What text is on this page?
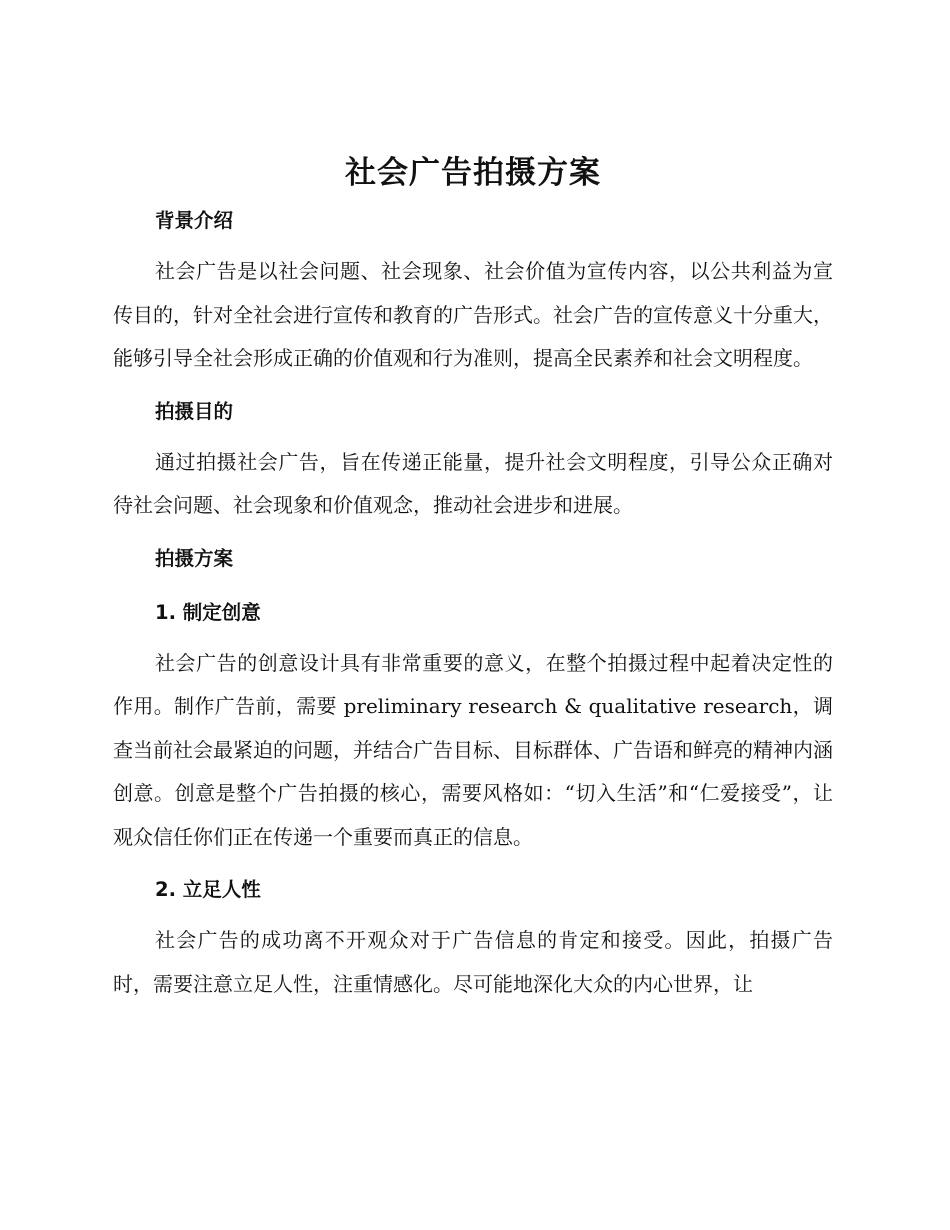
社会广告拍摄方案
背景介绍

社会广告是以社会问题、社会现象、社会价值为宣传内容，以公共利益为宣传目的，针对全社会进行宣传和教育的广告形式。社会广告的宣传意义十分重大，能够引导全社会形成正确的价值观和行为准则，提高全民素养和社会文明程度。

拍摄目的

通过拍摄社会广告，旨在传递正能量，提升社会文明程度，引导公众正确对待社会问题、社会现象和价值观念，推动社会进步和进展。

拍摄方案
1. 制定创意

社会广告的创意设计具有非常重要的意义，在整个拍摄过程中起着决定性的作用。制作广告前，需要 preliminary research & qualitative research，调查当前社会最紧迫的问题，并结合广告目标、目标群体、广告语和鲜亮的精神内涵创意。创意是整个广告拍摄的核心，需要风格如：“切入生活”和“仁爱接受”，让观众信任你们正在传递一个重要而真正的信息。

2. 立足人性

社会广告的成功离不开观众对于广告信息的肯定和接受。因此，拍摄广告时，需要注意立足人性，注重情感化。尽可能地深化大众的内心世界，让
